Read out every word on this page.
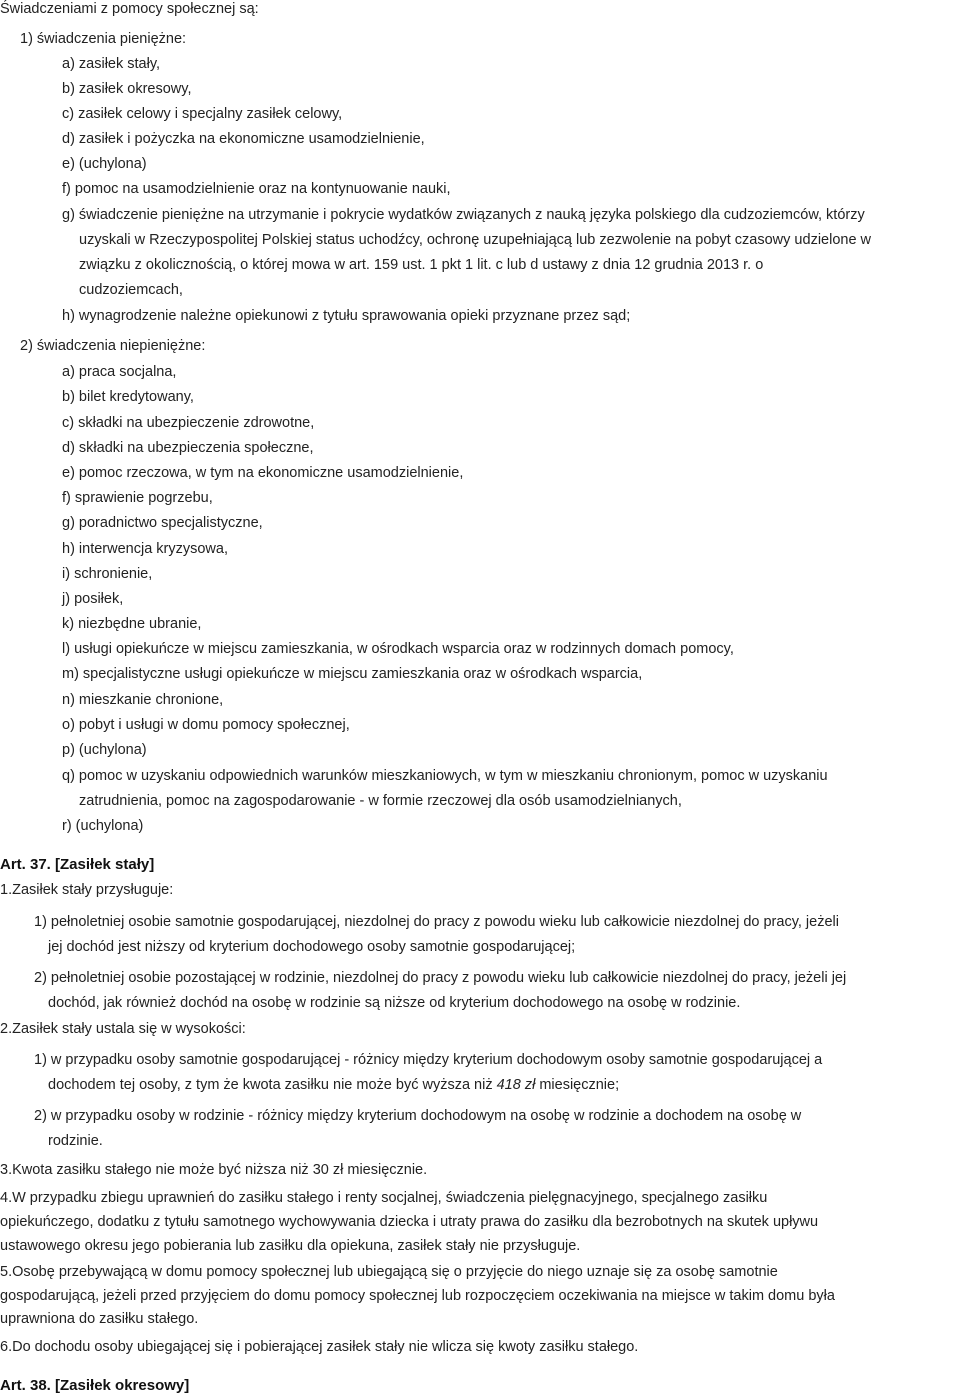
Świadczeniami z pomocy społecznej są:
1) świadczenia pieniężne:
a) zasiłek stały,
b) zasiłek okresowy,
c) zasiłek celowy i specjalny zasiłek celowy,
d) zasiłek i pożyczka na ekonomiczne usamodzielnienie,
e) (uchylona)
f) pomoc na usamodzielnienie oraz na kontynuowanie nauki,
g) świadczenie pieniężne na utrzymanie i pokrycie wydatków związanych z nauką języka polskiego dla cudzoziemców, którzy
uzyskali w Rzeczypospolitej Polskiej status uchodźcy, ochronę uzupełniającą lub zezwolenie na pobyt czasowy udzielone w
związku z okolicznością, o której mowa w art. 159 ust. 1 pkt 1 lit. c lub d ustawy z dnia 12 grudnia 2013 r. o
cudzoziemcach,
h) wynagrodzenie należne opiekunowi z tytułu sprawowania opieki przyznane przez sąd;
2) świadczenia niepieniężne:
a) praca socjalna,
b) bilet kredytowany,
c) składki na ubezpieczenie zdrowotne,
d) składki na ubezpieczenia społeczne,
e) pomoc rzeczowa, w tym na ekonomiczne usamodzielnienie,
f) sprawienie pogrzebu,
g) poradnictwo specjalistyczne,
h) interwencja kryzysowa,
i) schronienie,
j) posiłek,
k) niezbędne ubranie,
l) usługi opiekuńcze w miejscu zamieszkania, w ośrodkach wsparcia oraz w rodzinnych domach pomocy,
m) specjalistyczne usługi opiekuńcze w miejscu zamieszkania oraz w ośrodkach wsparcia,
n) mieszkanie chronione,
o) pobyt i usługi w domu pomocy społecznej,
p) (uchylona)
q) pomoc w uzyskaniu odpowiednich warunków mieszkaniowych, w tym w mieszkaniu chronionym, pomoc w uzyskaniu
zatrudnienia, pomoc na zagospodarowanie - w formie rzeczowej dla osób usamodzielnianych,
r) (uchylona)
Art. 37. [Zasiłek stały]
1.Zasiłek stały przysługuje:
1) pełnoletniej osobie samotnie gospodarującej, niezdolnej do pracy z powodu wieku lub całkowicie niezdolnej do pracy, jeżeli
jej dochód jest niższy od kryterium dochodowego osoby samotnie gospodarującej;
2) pełnoletniej osobie pozostającej w rodzinie, niezdolnej do pracy z powodu wieku lub całkowicie niezdolnej do pracy, jeżeli jej
dochód, jak również dochód na osobę w rodzinie są niższe od kryterium dochodowego na osobę w rodzinie.
2.Zasiłek stały ustala się w wysokości:
1) w przypadku osoby samotnie gospodarującej - różnicy między kryterium dochodowym osoby samotnie gospodarującej a
dochodem tej osoby, z tym że kwota zasiłku nie może być wyższa niż 418 zł miesięcznie;
2) w przypadku osoby w rodzinie - różnicy między kryterium dochodowym na osobę w rodzinie a dochodem na osobę w
rodzinie.
3.Kwota zasiłku stałego nie może być niższa niż 30 zł miesięcznie.
4.W przypadku zbiegu uprawnień do zasiłku stałego i renty socjalnej, świadczenia pielęgnacyjnego, specjalnego zasiłku
opiekuńczego, dodatku z tytułu samotnego wychowywania dziecka i utraty prawa do zasiłku dla bezrobotnych na skutek upływu
ustawowego okresu jego pobierania lub zasiłku dla opiekuna, zasiłek stały nie przysługuje.
5.Osobę przebywającą w domu pomocy społecznej lub ubiegającą się o przyjęcie do niego uznaje się za osobę samotnie
gospodarującą, jeżeli przed przyjęciem do domu pomocy społecznej lub rozpoczęciem oczekiwania na miejsce w takim domu była
uprawniona do zasiłku stałego.
6.Do dochodu osoby ubiegającej się i pobierającej zasiłek stały nie wlicza się kwoty zasiłku stałego.
Art. 38. [Zasiłek okresowy]
